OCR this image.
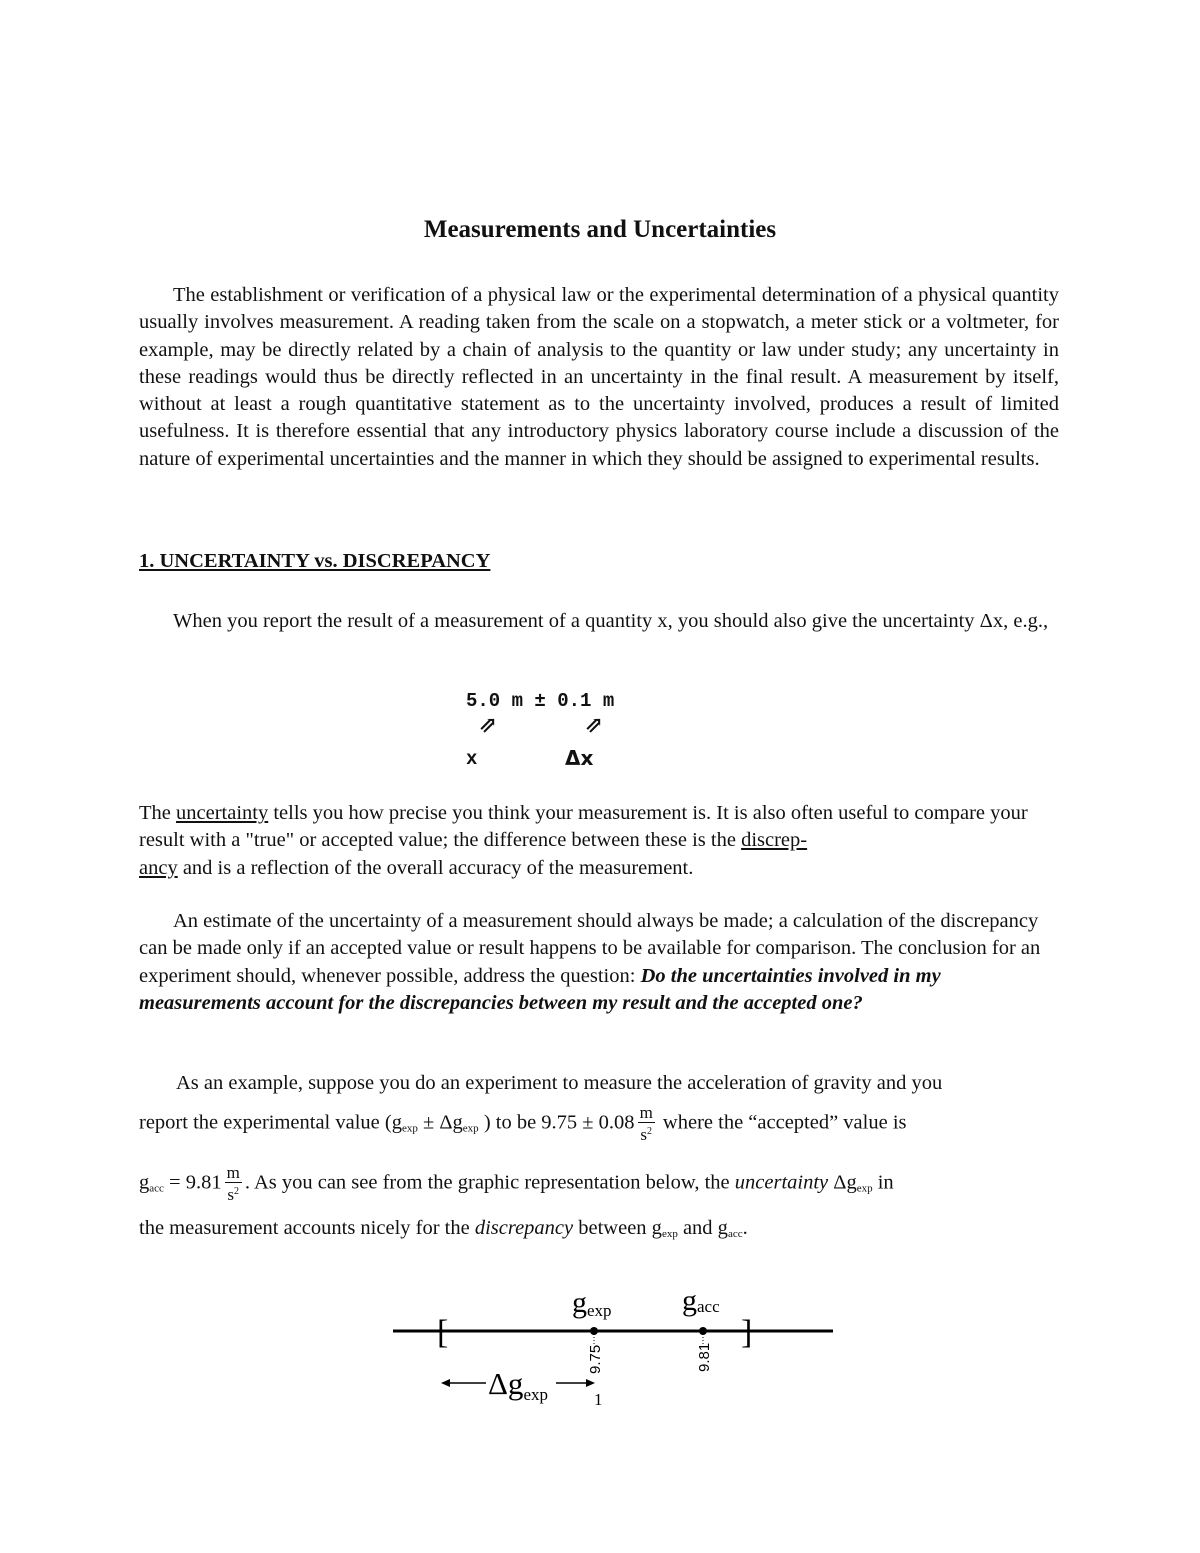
Measurements and Uncertainties

The establishment or verification of a physical law or the experimental determination of a physical quantity usually involves measurement. A reading taken from the scale on a stopwatch, a meter stick or a voltmeter, for example, may be directly related by a chain of analysis to the quantity or law under study; any uncertainty in these readings would thus be directly reflected in an uncertainty in the final result. A measurement by itself, without at least a rough quantitative statement as to the uncertainty involved, produces a result of limited usefulness. It is therefore essential that any introductory physics laboratory course include a discussion of the nature of experimental uncertainties and the manner in which they should be assigned to experimental results.

1. UNCERTAINTY vs. DISCREPANCY

When you report the result of a measurement of a quantity x, you should also give the uncertainty Δx, e.g.,

5.0 m ± 0.1 m
⇗	⇗
x	Δx

The uncertainty tells you how precise you think your measurement is. It is also often useful to compare your result with a "true" or accepted value; the difference between these is the discrep-
ancy and is a reflection of the overall accuracy of the measurement.

An estimate of the uncertainty of a measurement should always be made; a calculation of the discrepancy can be made only if an accepted value or result happens to be available for comparison. The conclusion for an experiment should, whenever possible, address the question: Do the uncertainties involved in my measurements account for the discrepancies between my result and the accepted one?

As an example, suppose you do an experiment to measure the acceleration of gravity and you
report the experimental value ($g_{exp} \pm \Delta g_{exp}$ ) to be $9.75 \pm 0.08 \frac{m}{s^2}$ where the “accepted” value is
$g_{acc} = 9.81 \frac{m}{s^2}$ . As you can see from the graphic representation below, the uncertainty $\Delta g_{exp}$ in
the measurement accounts nicely for the discrepancy between $g_{exp}$ and $g_{acc}$.
[	]
gexp gacc
9.75	9.81
Δgexp	1
